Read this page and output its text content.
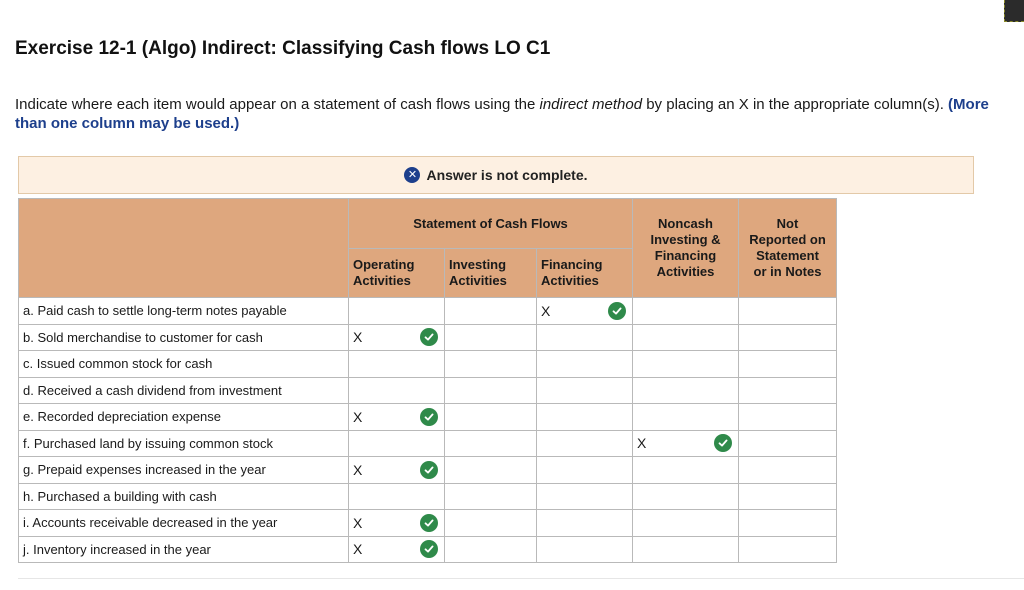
Exercise 12-1 (Algo) Indirect: Classifying Cash flows LO C1

Indicate where each item would appear on a statement of cash flows using the indirect method by placing an X in the appropriate column(s). (More than one column may be used.)

✕ Answer is not complete.
	Statement of Cash Flows			Noncash Investing & Financing Activities	Not Reported on Statement or in Notes
	Operating Activities	Investing Activities	Financing Activities		
a. Paid cash to settle long-term notes payable			X		

b. Sold merchandise to customer for cash	X				

c. Issued common stock for cash	

d. Received a cash dividend from investment	

e. Recorded depreciation expense	X				

f. Purchased land by issuing common stock				X	

g. Prepaid expenses increased in the year	X				

h. Purchased a building with cash	

i. Accounts receivable decreased in the year	X				

j. Inventory increased in the year	X				
